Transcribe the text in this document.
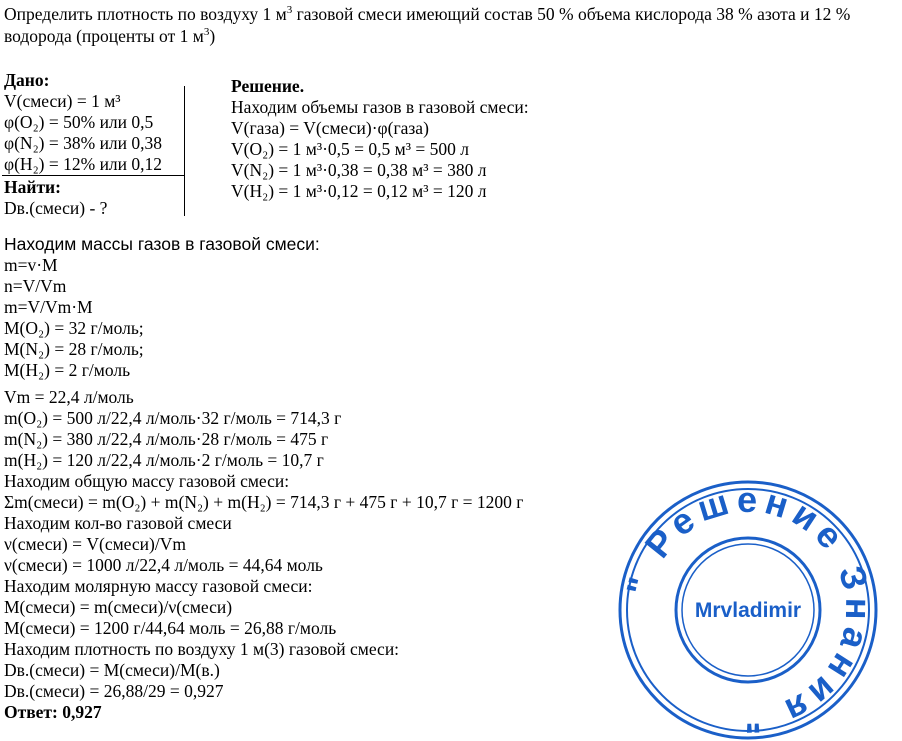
Определить плотность по воздуху 1 $м^3$ газовой смеси имеющий состав 50 % объема кислорода 38 % азота и 12 % водорода (проценты от 1 $м^3$)
Дано:
V(смеси) = 1 м³
φ(O₂) = 50% или 0,5
φ(N₂) = 38% или 0,38
φ(H₂) = 12% или 0,12
Найти:
Dв.(смеси) - ?
Решение.
Находим объемы газов в газовой смеси:
V(газа) = V(смеси)·φ(газа)
V(O₂) = 1 м³·0,5 = 0,5 м³ = 500 л
V(N₂) = 1 м³·0,38 = 0,38 м³ = 380 л
V(H₂) = 1 м³·0,12 = 0,12 м³ = 120 л
Находим массы газов в газовой смеси:
m=v·M
n=V/Vm
m=V/Vm·M
M(O₂) = 32 г/моль;
M(N₂) = 28 г/моль;
M(H₂) = 2 г/моль
Vm = 22,4 л/моль
m(O₂) = 500 л/22,4 л/моль·32 г/моль = 714,3 г
m(N₂) = 380 л/22,4 л/моль·28 г/моль = 475 г
m(H₂) = 120 л/22,4 л/моль·2 г/моль = 10,7 г
Находим общую массу газовой смеси:
Σm(смеси) = m(O₂) + m(N₂) + m(H₂) = 714,3 г + 475 г + 10,7 г = 1200 г
Находим кол-во газовой смеси
ν(смеси) = V(смеси)/Vm
ν(смеси) = 1000 л/22,4 л/моль = 44,64 моль
Находим молярную массу газовой смеси:
M(смеси) = m(смеси)/ν(смеси)
M(смеси) = 1200 г/44,64 моль = 26,88 г/моль
Находим плотность по воздуху 1 м(3) газовой смеси:
Dв.(смеси) = M(смеси)/M(в.)
Dв.(смеси) = 26,88/29 = 0,927
Ответ: 0,927
" Решение Знания "
Mrvladimir
